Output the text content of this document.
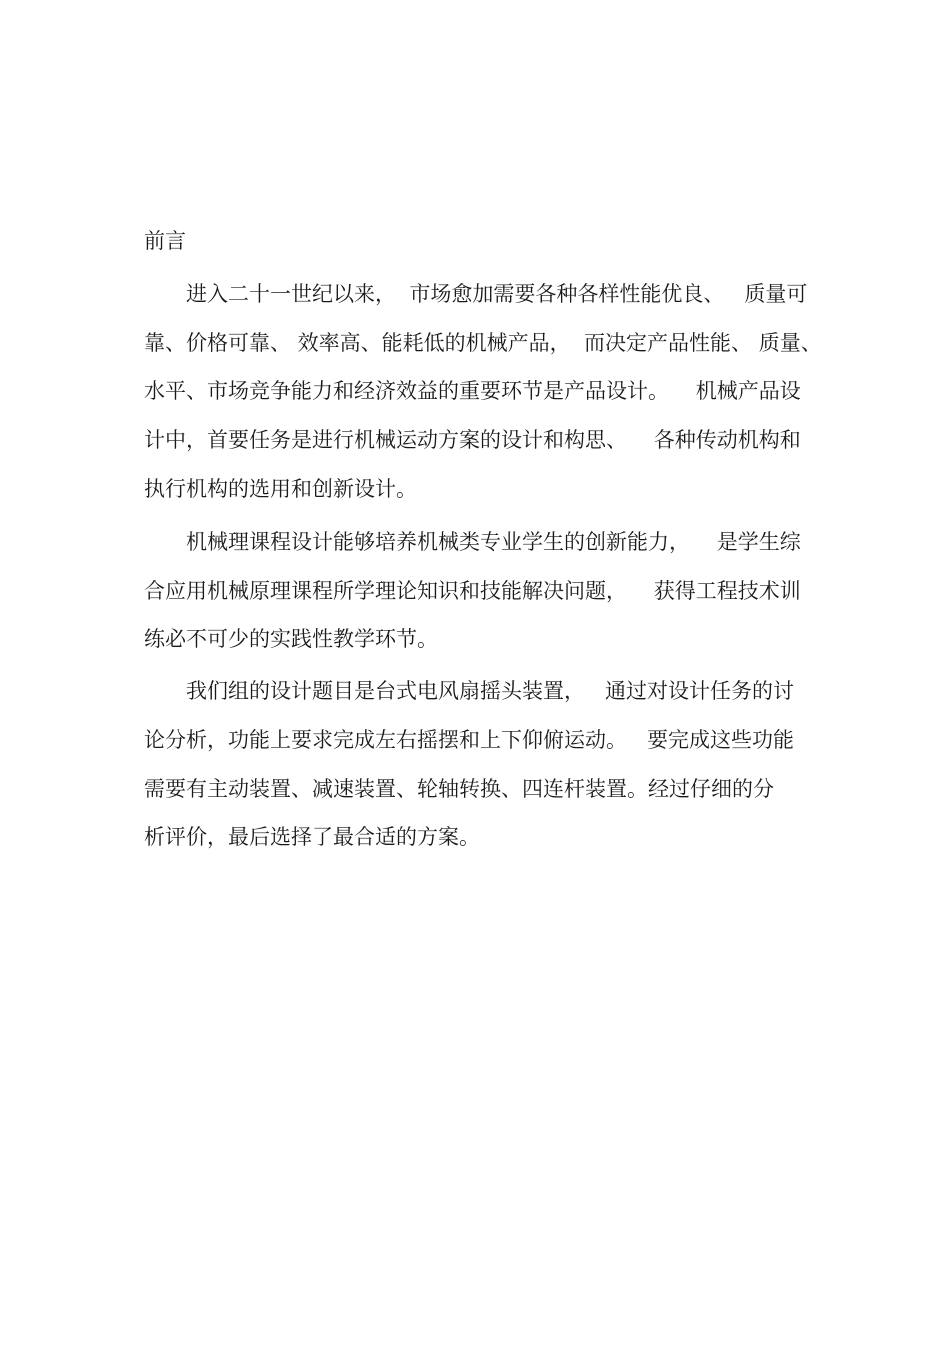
前言

进入二十一世纪以来，  市场愈加需要各种各样性能优良、   质量可

靠、价格可靠、 效率高、能耗低的机械产品，  而决定产品性能、 质量、

水平、市场竞争能力和经济效益的重要环节是产品设计。    机械产品设

计中，首要任务是进行机械运动方案的设计和构思、    各种传动机构和

执行机构的选用和创新设计。

机械理课程设计能够培养机械类专业学生的创新能力，    是学生综

合应用机械原理课程所学理论知识和技能解决问题，    获得工程技术训

练必不可少的实践性教学环节。

我们组的设计题目是台式电风扇摇头装置，   通过对设计任务的讨

论分析，功能上要求完成左右摇摆和上下仰俯运动。   要完成这些功能

需要有主动装置、减速装置、轮轴转换、四连杆装置。经过仔细的分

析评价，最后选择了最合适的方案。
